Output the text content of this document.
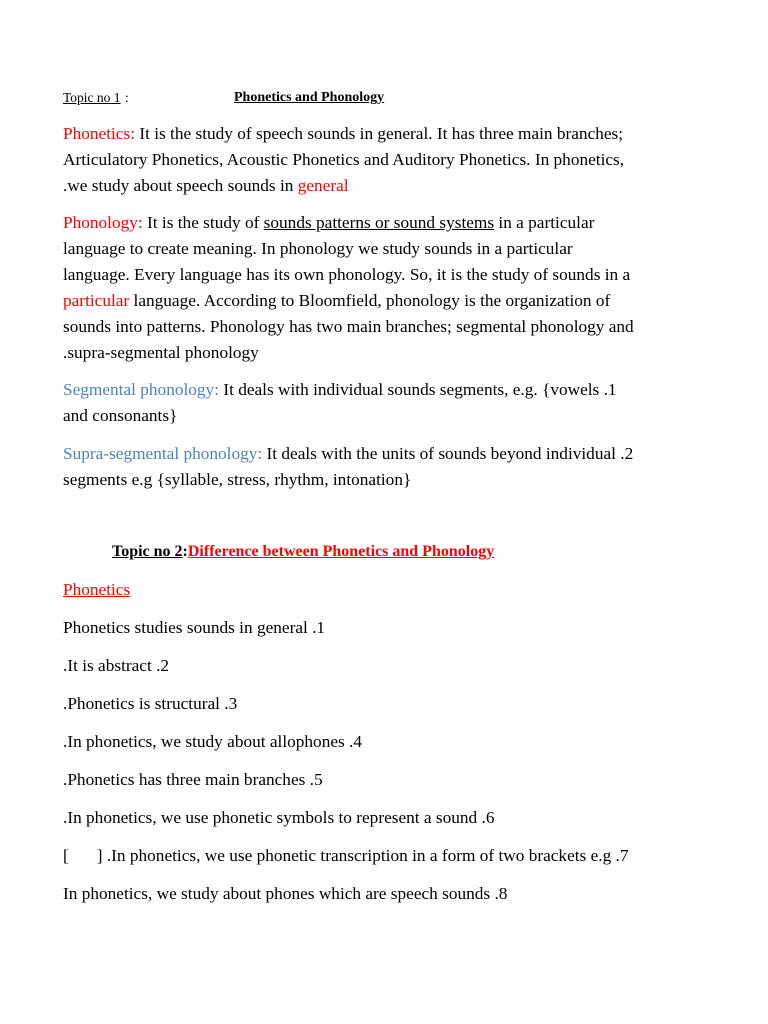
Topic no 1 :	Phonetics and Phonology
Phonetics: It is the study of speech sounds in general. It has three main branches;
Articulatory Phonetics, Acoustic Phonetics and Auditory Phonetics. In phonetics,
.we study about speech sounds in general
Phonology: It is the study of sounds patterns or sound systems in a particular
language to create meaning. In phonology we study sounds in a particular
language. Every language has its own phonology. So, it is the study of sounds in a
particular language. According to Bloomfield, phonology is the organization of
sounds into patterns. Phonology has two main branches; segmental phonology and
.supra-segmental phonology
Segmental phonology: It deals with individual sounds segments, e.g. {vowels .1
and consonants}
Supra-segmental phonology: It deals with the units of sounds beyond individual .2
segments e.g {syllable, stress, rhythm, intonation}
Topic no 2:Difference between Phonetics and Phonology
Phonetics
Phonetics studies sounds in general .1
.It is abstract .2
.Phonetics is structural .3
.In phonetics, we study about allophones .4
.Phonetics has three main branches .5
.In phonetics, we use phonetic symbols to represent a sound .6
[ ] .In phonetics, we use phonetic transcription in a form of two brackets e.g .7
In phonetics, we study about phones which are speech sounds .8
